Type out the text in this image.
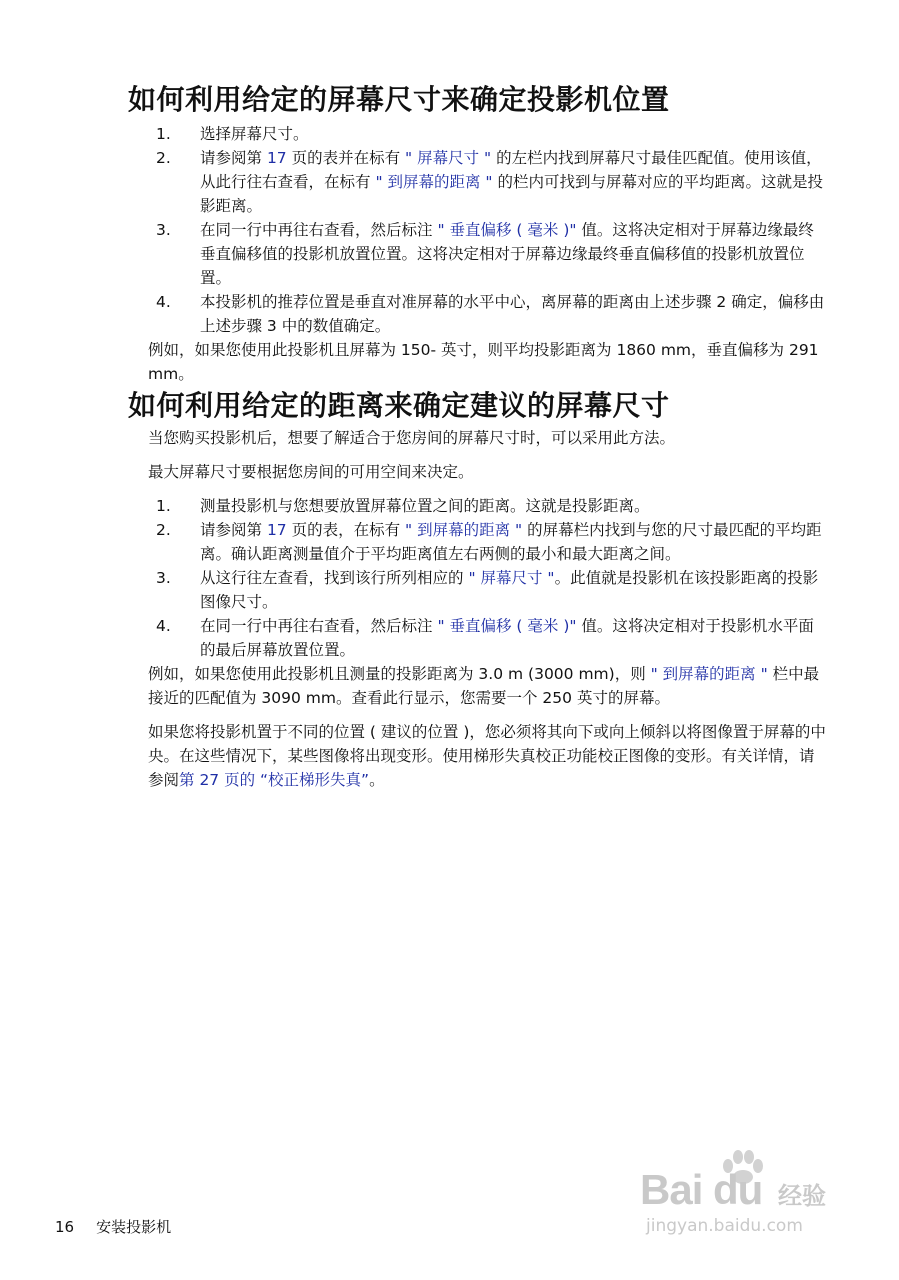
如何利用给定的屏幕尺寸来确定投影机位置
1. 选择屏幕尺寸。
2. 请参阅第 17 页的表并在标有 " 屏幕尺寸 " 的左栏内找到屏幕尺寸最佳匹配值。使用该值，从此行往右查看，在标有 " 到屏幕的距离 " 的栏内可找到与屏幕对应的平均距离。这就是投影距离。
3. 在同一行中再往右查看，然后标注 " 垂直偏移 ( 毫米 )" 值。这将决定相对于屏幕边缘最终垂直偏移值的投影机放置位置。这将决定相对于屏幕边缘最终垂直偏移值的投影机放置位置。
4. 本投影机的推荐位置是垂直对准屏幕的水平中心，离屏幕的距离由上述步骤 2 确定，偏移由上述步骤 3 中的数值确定。

例如，如果您使用此投影机且屏幕为 150- 英寸，则平均投影距离为 1860 mm，垂直偏移为 291 mm。

如何利用给定的距离来确定建议的屏幕尺寸

当您购买投影机后，想要了解适合于您房间的屏幕尺寸时，可以采用此方法。

最大屏幕尺寸要根据您房间的可用空间来决定。

1. 测量投影机与您想要放置屏幕位置之间的距离。这就是投影距离。
2. 请参阅第 17 页的表，在标有 " 到屏幕的距离 " 的屏幕栏内找到与您的尺寸最匹配的平均距离。确认距离测量值介于平均距离值左右两侧的最小和最大距离之间。
3. 从这行往左查看，找到该行所列相应的 " 屏幕尺寸 "。此值就是投影机在该投影距离的投影图像尺寸。
4. 在同一行中再往右查看，然后标注 " 垂直偏移 ( 毫米 )" 值。这将决定相对于投影机水平面的最后屏幕放置位置。

例如，如果您使用此投影机且测量的投影距离为 3.0 m (3000 mm)，则 " 到屏幕的距离 " 栏中最接近的匹配值为 3090 mm。查看此行显示，您需要一个 250 英寸的屏幕。

如果您将投影机置于不同的位置 ( 建议的位置 )，您必须将其向下或向上倾斜以将图像置于屏幕的中央。在这些情况下，某些图像将出现变形。使用梯形失真校正功能校正图像的变形。有关详情，请参阅第 27 页的 “校正梯形失真”。

16 安装投影机
Bai du 经验
jingyan.baidu.com
